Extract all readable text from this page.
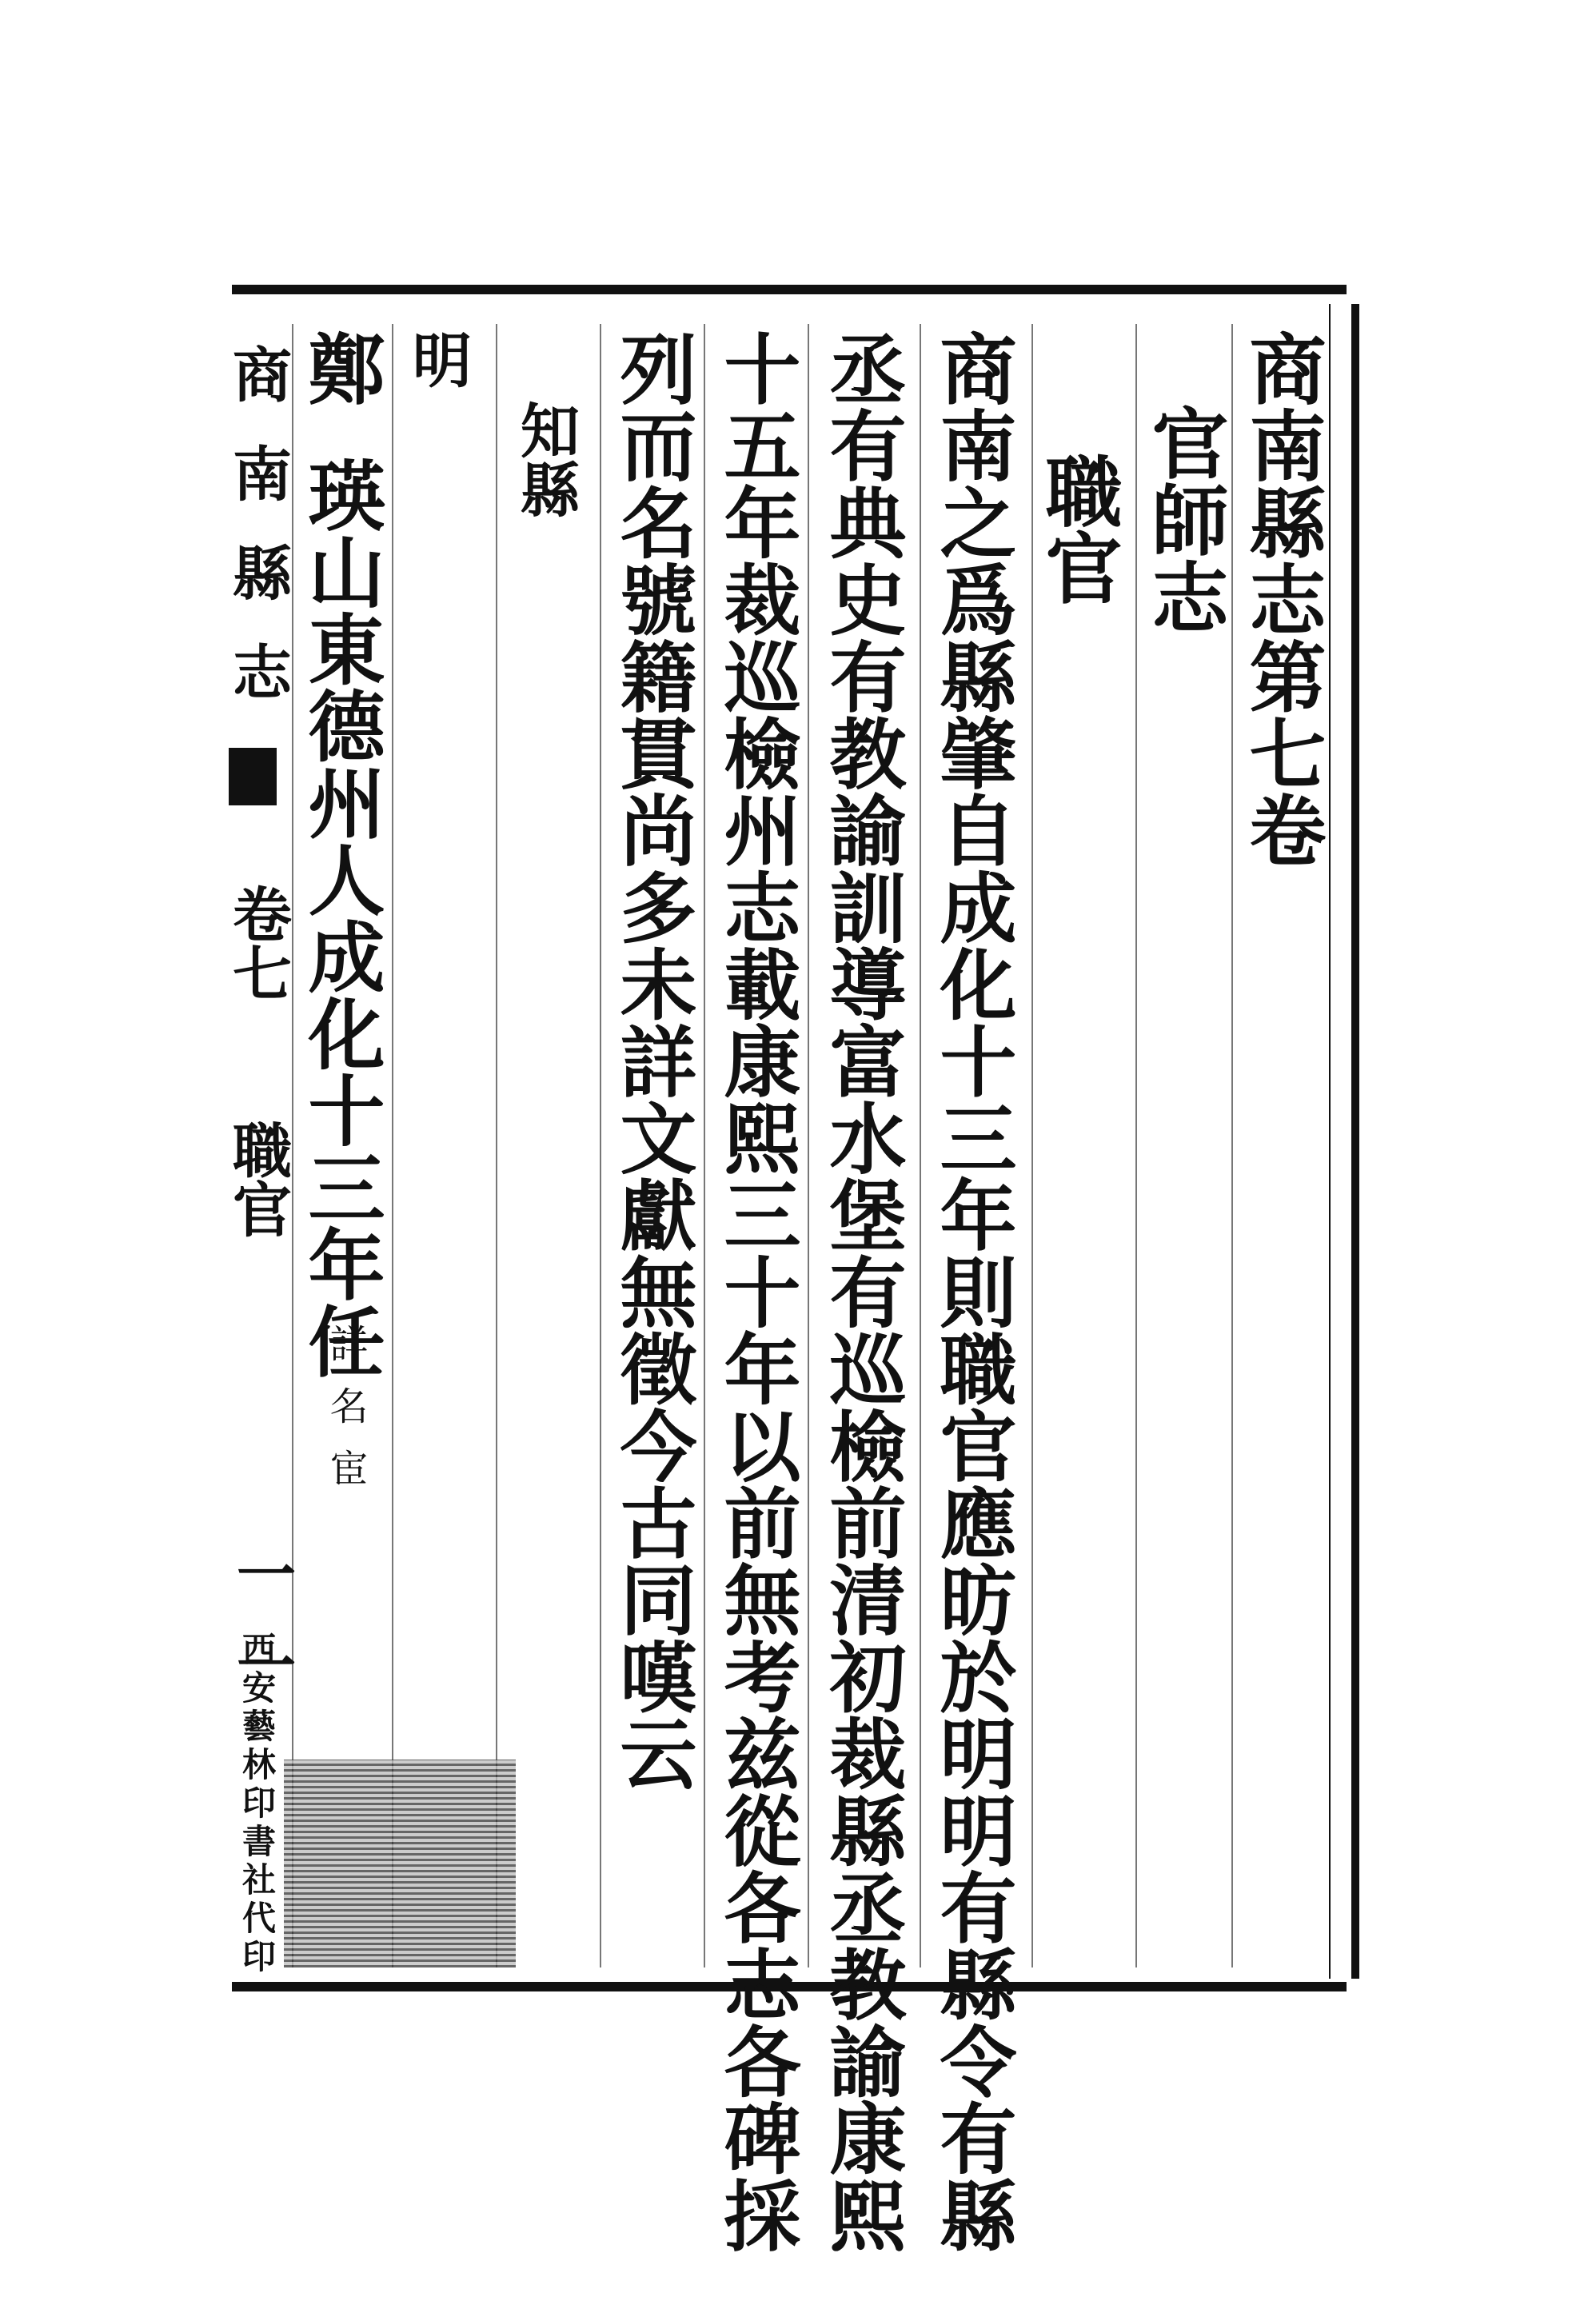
商南縣志第七卷
官師志
職官
商南之爲縣肇自成化十三年則職官應昉於明明有縣令有縣
丞有典史有教諭訓導富水堡有巡檢前清初裁縣丞教諭康熙
十五年裁巡檢州志載康熙三十年以前無考兹從各志各碑採
列而名號籍貫尚多未詳文獻無徵今古同嘆云
知縣
明
鄭
瑛山東德州人成化十三年任
詳名宦
商南縣志
卷七
職官
一一
西安藝林印書社代印
